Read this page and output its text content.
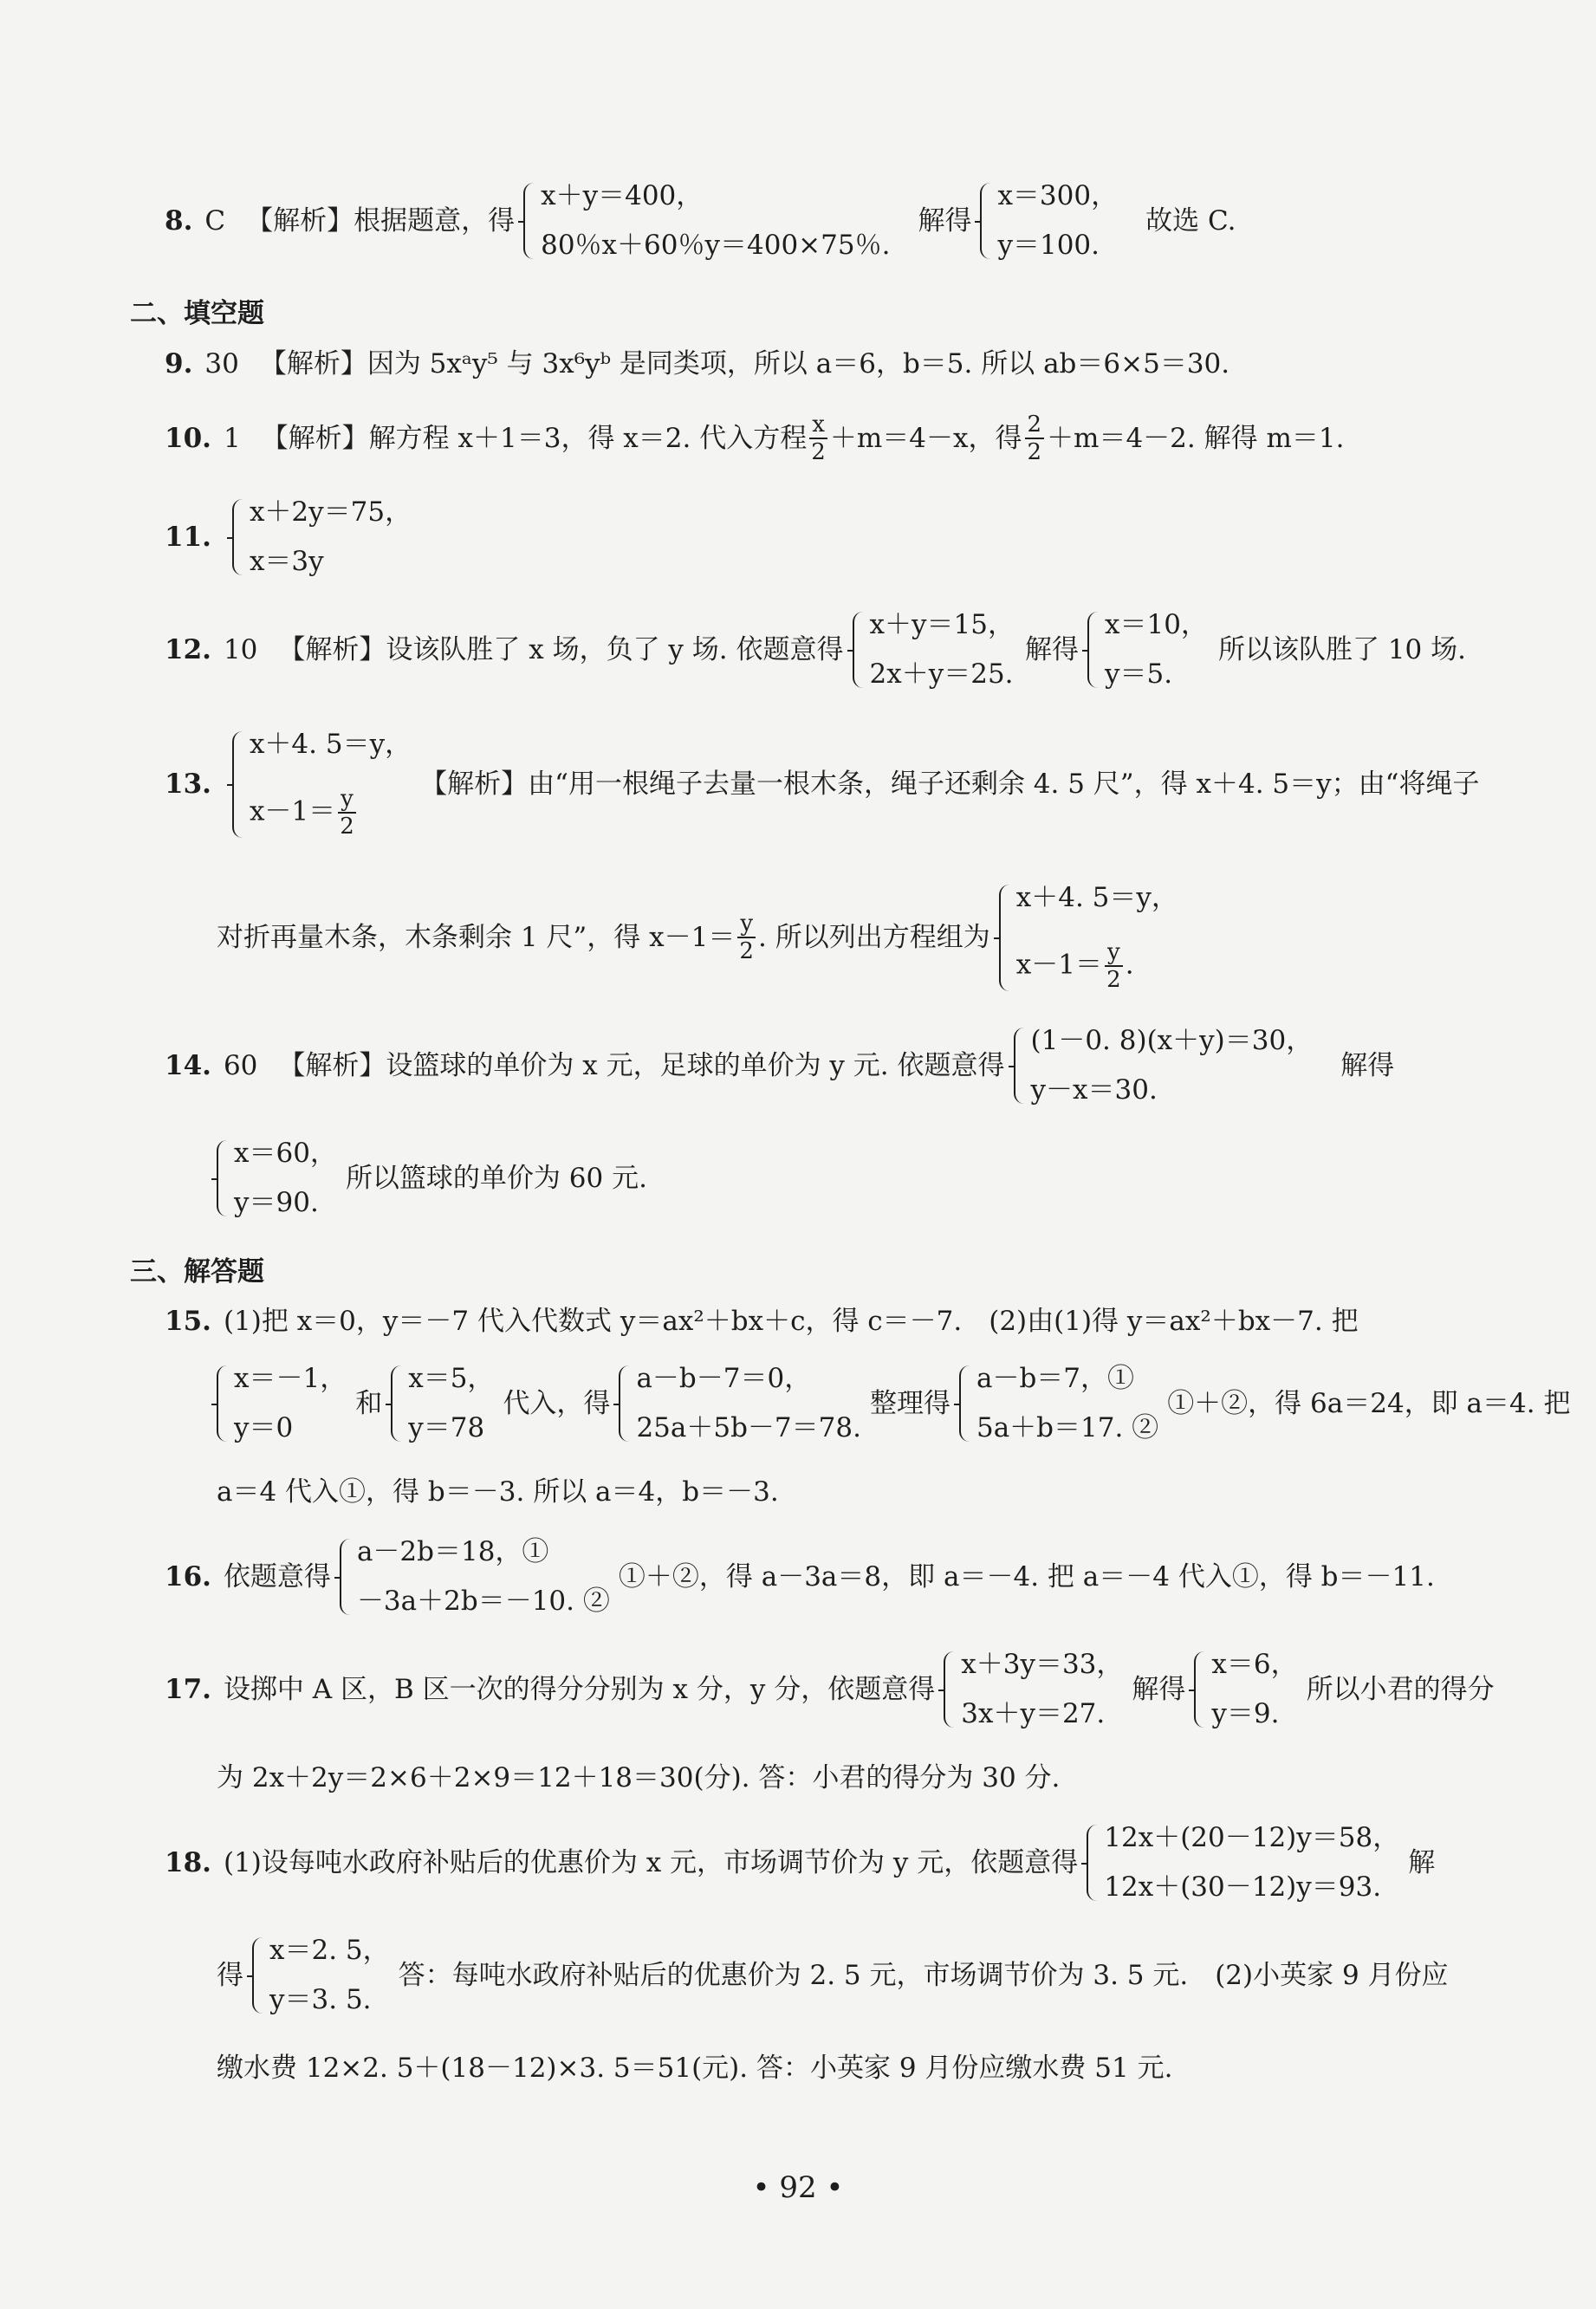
8. C 【解析】根据题意，得
x＋y＝400，
80％x＋60％y＝400×75％.
解得
x＝300，
y＝100.
故选 C.
二、填空题
9. 30 【解析】因为 5xᵃy⁵ 与 3x⁶yᵇ 是同类项，所以 a＝6，b＝5. 所以 ab＝6×5＝30.
10. 1 【解析】解方程 x＋1＝3，得 x＝2. 代入方程 $\frac{x}{2} +m=4-x$，得 $\frac{2}{2} +m=4-2$. 解得 m＝1.
11.
x＋2y＝75，
x＝3y
12. 10 【解析】设该队胜了 x 场，负了 y 场. 依题意得
x＋y＝15，
2x＋y＝25.
解得
x＝10，
y＝5.
所以该队胜了 10 场.
13.
x＋4. 5＝y，
$x-1= \frac{y}{2}$
【解析】由“用一根绳子去量一根木条，绳子还剩余 4. 5 尺”，得 x＋4. 5＝y；由“将绳子
对折再量木条，木条剩余 1 尺”，得 $x-1= \frac{y}{2}$ . 所以列出方程组为
x＋4. 5＝y，
$x-1= \frac{y}{2}$ .
14. 60 【解析】设篮球的单价为 x 元，足球的单价为 y 元. 依题意得
(1－0. 8)(x＋y)＝30，
y－x＝30.
解得
x＝60，
y＝90.
所以篮球的单价为 60 元.
三、解答题
15. (1)把 x＝0，y＝－7 代入代数式 y＝ax²＋bx＋c，得 c＝－7.　(2)由(1)得 y＝ax²＋bx－7. 把
x＝－1，
y＝0
和
x＝5，
y＝78
代入，得
a－b－7＝0，
25a＋5b－7＝78.
整理得
a－b＝7，①
5a＋b＝17. ②
①＋②，得 6a＝24，即 a＝4. 把
a＝4 代入①，得 b＝－3. 所以 a＝4，b＝－3.
16. 依题意得
a－2b＝18，①
－3a＋2b＝－10. ②
①＋②，得 a－3a＝8，即 a＝－4. 把 a＝－4 代入①，得 b＝－11.
17. 设掷中 A 区，B 区一次的得分分别为 x 分，y 分，依题意得
x＋3y＝33，
3x＋y＝27.
解得
x＝6，
y＝9.
所以小君的得分
为 2x＋2y＝2×6＋2×9＝12＋18＝30(分). 答：小君的得分为 30 分.
18. (1)设每吨水政府补贴后的优惠价为 x 元，市场调节价为 y 元，依题意得
12x＋(20－12)y＝58，
12x＋(30－12)y＝93.
解
得
x＝2. 5，
y＝3. 5.
答：每吨水政府补贴后的优惠价为 2. 5 元，市场调节价为 3. 5 元.　(2)小英家 9 月份应
缴水费 12×2. 5＋(18－12)×3. 5＝51(元). 答：小英家 9 月份应缴水费 51 元.
• 92 •
